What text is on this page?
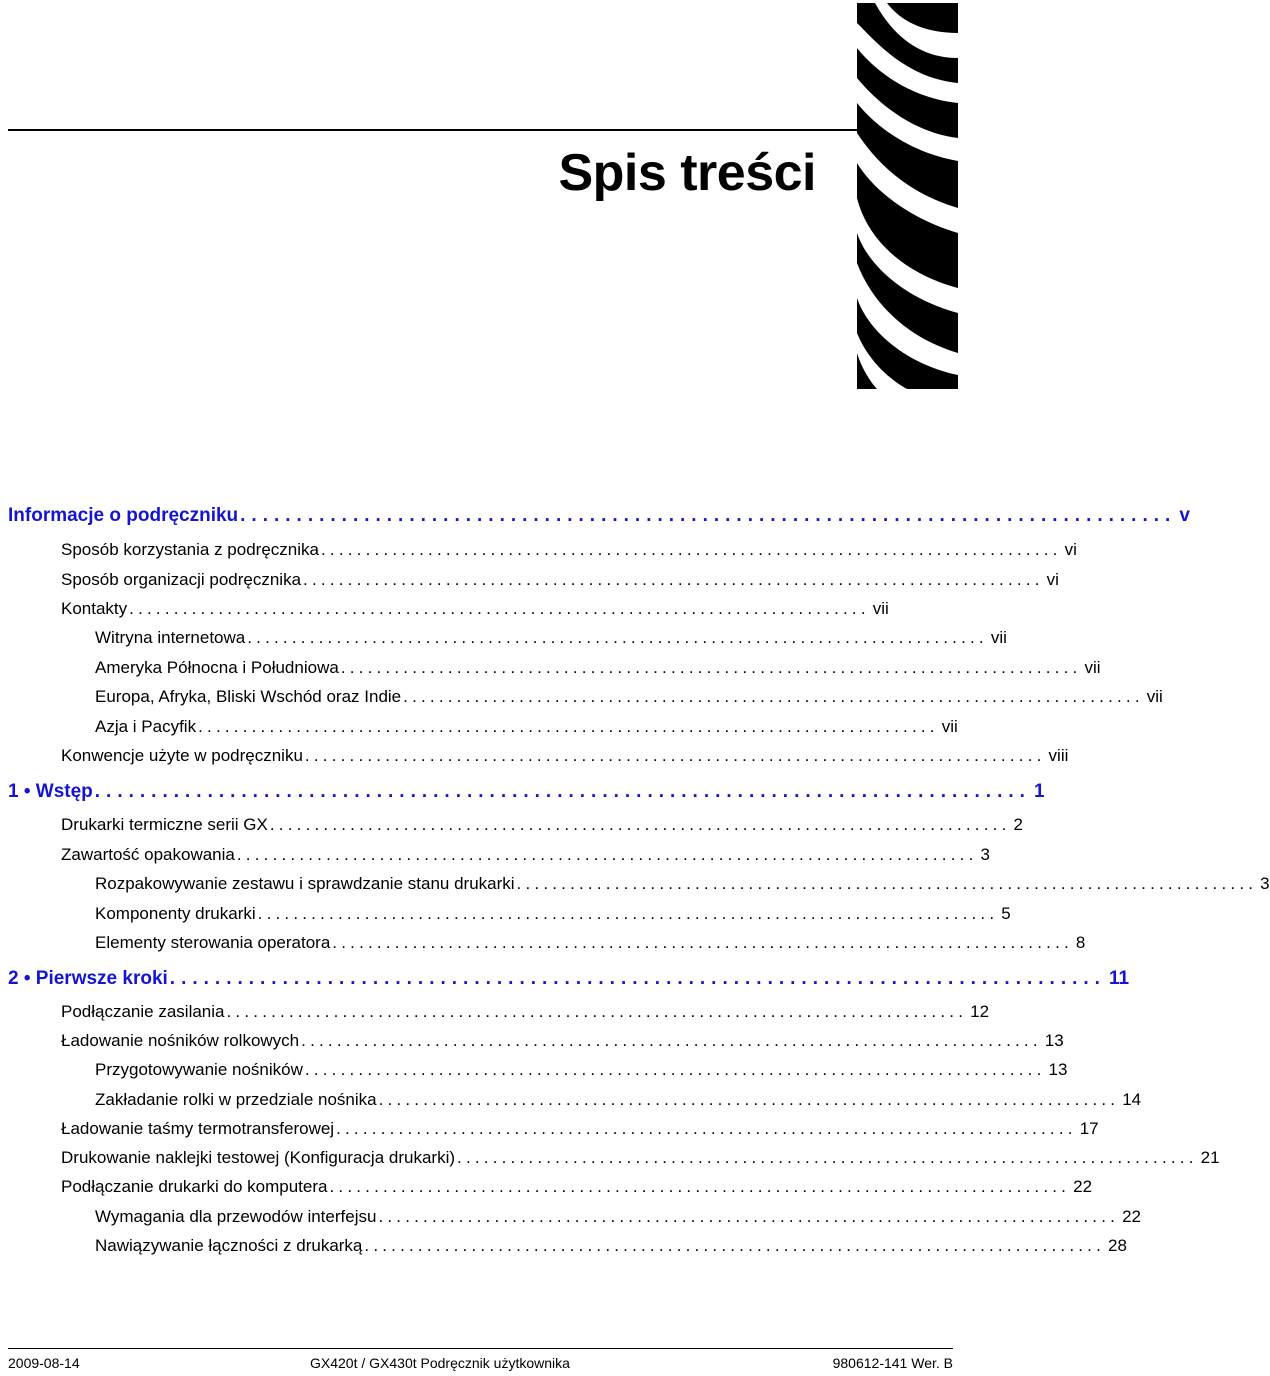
Spis treści
Informacje o podręczniku ................................................................................... v
Sposób korzystania z podręcznika ................................................................................... vi
Sposób organizacji podręcznika ................................................................................... vi
Kontakty ................................................................................... vii
Witryna internetowa ................................................................................... vii
Ameryka Północna i Południowa ................................................................................... vii
Europa, Afryka, Bliski Wschód oraz Indie ................................................................................... vii
Azja i Pacyfik ................................................................................... vii
Konwencje użyte w podręczniku ................................................................................... viii
1 • Wstęp ................................................................................... 1
Drukarki termiczne serii GX ................................................................................... 2
Zawartość opakowania ................................................................................... 3
Rozpakowywanie zestawu i sprawdzanie stanu drukarki ................................................................................... 3
Komponenty drukarki ................................................................................... 5
Elementy sterowania operatora ................................................................................... 8
2 • Pierwsze kroki ................................................................................... 11
Podłączanie zasilania ................................................................................... 12
Ładowanie nośników rolkowych ................................................................................... 13
Przygotowywanie nośników ................................................................................... 13
Zakładanie rolki w przedziale nośnika ................................................................................... 14
Ładowanie taśmy termotransferowej ................................................................................... 17
Drukowanie naklejki testowej (Konfiguracja drukarki) ................................................................................... 21
Podłączanie drukarki do komputera ................................................................................... 22
Wymagania dla przewodów interfejsu ................................................................................... 22
Nawiązywanie łączności z drukarką ................................................................................... 28
2009-08-14	GX420t / GX430t Podręcznik użytkownika	980612-141 Wer. B
